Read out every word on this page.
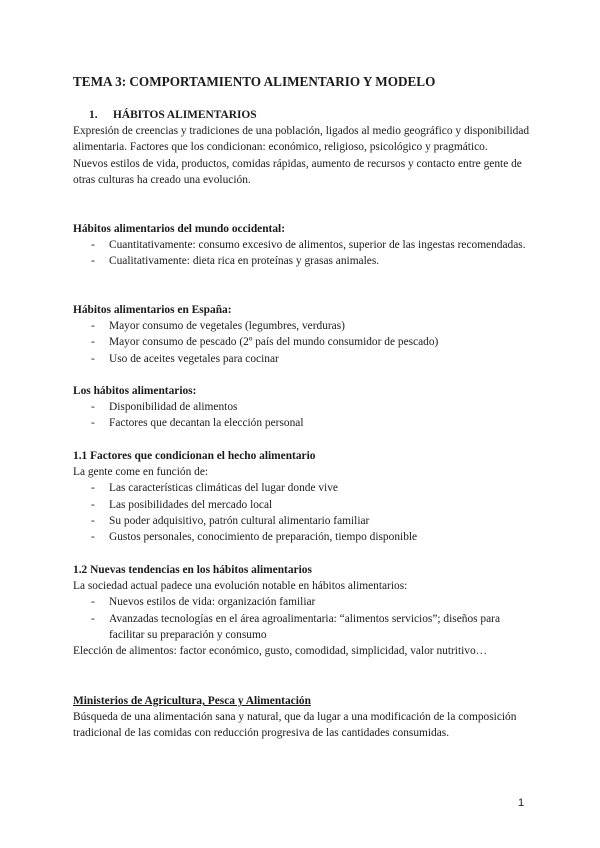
TEMA 3: COMPORTAMIENTO ALIMENTARIO Y MODELO

1. HÁBITOS ALIMENTARIOS

Expresión de creencias y tradiciones de una población, ligados al medio geográfico y disponibilidad alimentaria. Factores que los condicionan: económico, religioso, psicológico y pragmático.

Nuevos estilos de vida, productos, comidas rápidas, aumento de recursos y contacto entre gente de otras culturas ha creado una evolución.

Hábitos alimentarios del mundo occidental:

- Cuantitativamente: consumo excesivo de alimentos, superior de las ingestas recomendadas.
- Cualitativamente: dieta rica en proteínas y grasas animales.

Hábitos alimentarios en España:

- Mayor consumo de vegetales (legumbres, verduras)
- Mayor consumo de pescado (2º país del mundo consumidor de pescado)
- Uso de aceites vegetales para cocinar

Los hábitos alimentarios:

- Disponibilidad de alimentos
- Factores que decantan la elección personal

1.1 Factores que condicionan el hecho alimentario

La gente come en función de:

- Las características climáticas del lugar donde vive
- Las posibilidades del mercado local
- Su poder adquisitivo, patrón cultural alimentario familiar
- Gustos personales, conocimiento de preparación, tiempo disponible

1.2 Nuevas tendencias en los hábitos alimentarios

La sociedad actual padece una evolución notable en hábitos alimentarios:

- Nuevos estilos de vida: organización familiar
- Avanzadas tecnologías en el área agroalimentaria: “alimentos servicios”; diseños para facilitar su preparación y consumo

Elección de alimentos: factor económico, gusto, comodidad, simplicidad, valor nutritivo…

Ministerios de Agricultura, Pesca y Alimentación

Búsqueda de una alimentación sana y natural, que da lugar a una modificación de la composición tradicional de las comidas con reducción progresiva de las cantidades consumidas.

1
